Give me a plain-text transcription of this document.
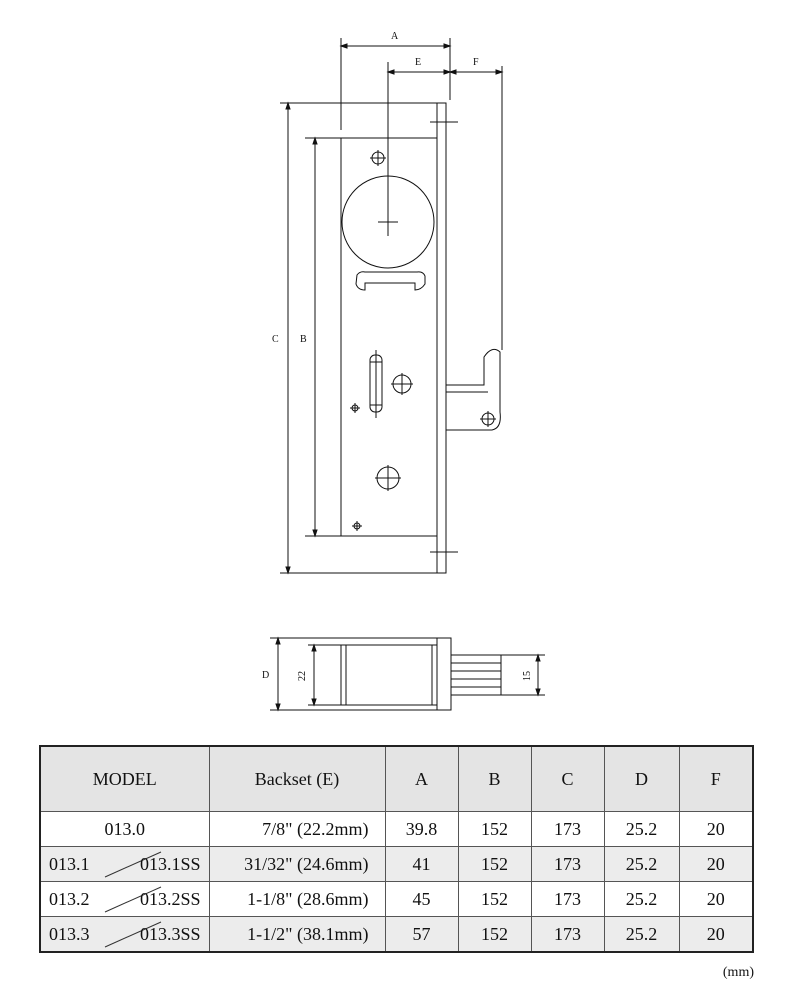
A
E	F
C B
D	22	15
MODEL	Backset (E)	A	B	C	D	F
013.0	7/8" (22.2mm)	39.8	152	173	25.2	20

013.1 013.1SS	31/32" (24.6mm)	41	152	173	25.2	20

013.2 013.2SS	1-1/8" (28.6mm)	45	152	173	25.2	20

013.3 013.3SS	1-1/2" (38.1mm)	57	152	173	25.2	20
(mm)
